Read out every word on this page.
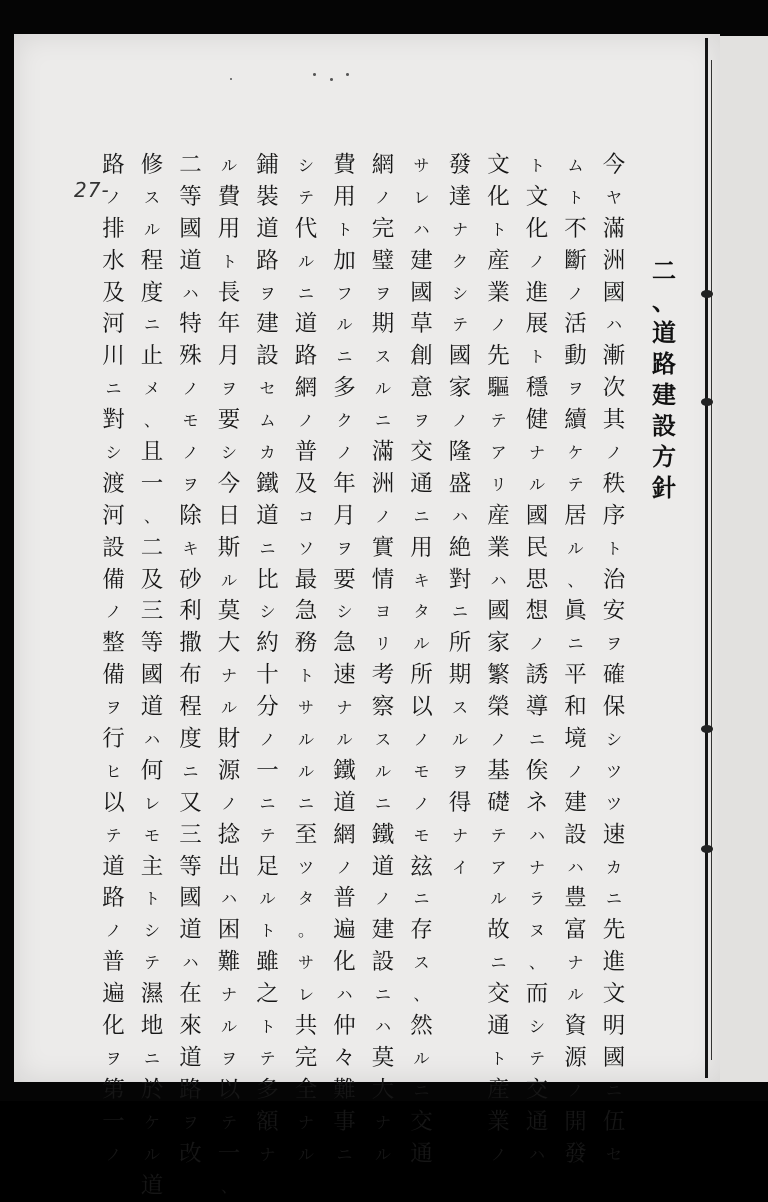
27-
二
、
道
路
建
設
方
針
今
ヤ
滿
洲
國
ハ
漸
次
其
ノ
秩
序
ト
治
安
ヲ
確
保
シ
ツ
ツ
速
カ
ニ
先
進
文
明
國
ニ
伍
セ
ム
ト
不
斷
ノ
活
動
ヲ
續
ケ
テ
居
ル
、
眞
ニ
平
和
境
ノ
建
設
ハ
豊
富
ナ
ル
資
源
ノ
開
發
ト
文
化
ノ
進
展
ト
穩
健
ナ
ル
國
民
思
想
ノ
誘
導
ニ
俟
ネ
ハ
ナ
ラ
ヌ
、
而
シ
テ
交
通
ハ
文
化
ト
産
業
ノ
先
驅
テ
ア
リ
産
業
ハ
國
家
繁
榮
ノ
基
礎
テ
ア
ル
故
ニ
交
通
ト
産
業
ノ
發
達
ナ
ク
シ
テ
國
家
ノ
隆
盛
ハ
絶
對
ニ
所
期
ス
ル
ヲ
得
ナ
イ
サ
レ
ハ
建
國
草
創
意
ヲ
交
通
ニ
用
キ
タ
ル
所
以
ノ
モ
ノ
モ
玆
ニ
存
ス
、
然
ル
ニ
交
通
網
ノ
完
璧
ヲ
期
ス
ル
ニ
滿
洲
ノ
實
情
ヨ
リ
考
察
ス
ル
ニ
鐵
道
ノ
建
設
ニ
ハ
莫
大
ナ
ル
費
用
ト
加
フ
ル
ニ
多
ク
ノ
年
月
ヲ
要
シ
急
速
ナ
ル
鐵
道
網
ノ
普
遍
化
ハ
仲
々
難
事
ニ
シ
テ
代
ル
ニ
道
路
網
ノ
普
及
コ
ソ
最
急
務
ト
サ
ル
ル
ニ
至
ツ
タ
。
サ
レ
共
完
全
ナ
ル
鋪
裝
道
路
ヲ
建
設
セ
ム
カ
鐵
道
ニ
比
シ
約
十
分
ノ
一
ニ
テ
足
ル
ト
雖
之
ト
テ
多
額
ナ
ル
費
用
ト
長
年
月
ヲ
要
シ
今
日
斯
ル
莫
大
ナ
ル
財
源
ノ
捻
出
ハ
困
難
ナ
ル
ヲ
以
テ
一
、
二
等
國
道
ハ
特
殊
ノ
モ
ノ
ヲ
除
キ
砂
利
撒
布
程
度
ニ
又
三
等
國
道
ハ
在
來
道
路
ヲ
改
修
ス
ル
程
度
ニ
止
メ
、
且
一
、
二
及
三
等
國
道
ハ
何
レ
モ
主
ト
シ
テ
濕
地
ニ
於
ケ
ル
道
路
ノ
排
水
及
河
川
ニ
對
シ
渡
河
設
備
ノ
整
備
ヲ
行
ヒ
以
テ
道
路
ノ
普
遍
化
ヲ
第
一
ノ
